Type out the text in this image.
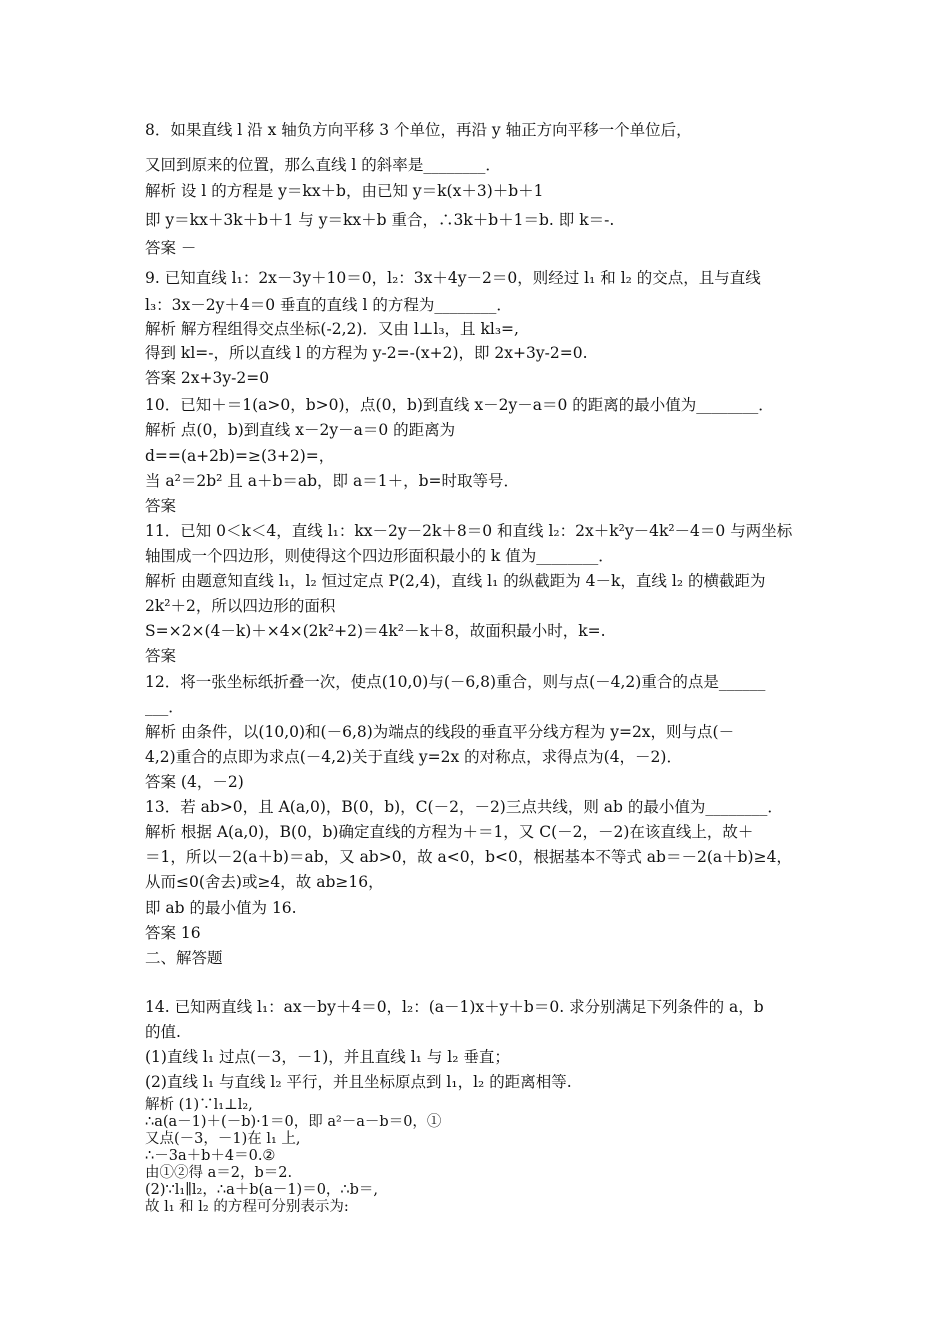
8．如果直线 l 沿 x 轴负方向平移 3 个单位，再沿 y 轴正方向平移一个单位后，
又回到原来的位置，那么直线 l 的斜率是________．
解析 设 l 的方程是 y＝kx＋b，由已知 y＝k(x＋3)＋b＋1
即 y＝kx＋3k＋b＋1 与 y＝kx＋b 重合，∴3k＋b＋1＝b. 即 k＝-.
答案 －
9. 已知直线 l₁：2x－3y＋10＝0，l₂：3x＋4y－2＝0，则经过 l₁ 和 l₂ 的交点，且与直线
l₃：3x－2y＋4＝0 垂直的直线 l 的方程为________．
解析 解方程组得交点坐标(-2,2)．又由 l⊥l₃，且 kl₃=,
得到 kl=-，所以直线 l 的方程为 y-2=-(x+2)，即 2x+3y-2=0.
答案 2x+3y-2=0
10．已知＋＝1(a>0，b>0)，点(0，b)到直线 x－2y－a＝0 的距离的最小值为________．
解析 点(0，b)到直线 x－2y－a＝0 的距离为
d==(a+2b)=≥(3+2)=，
当 a²＝2b² 且 a＋b＝ab，即 a＝1＋，b=时取等号．
答案
11．已知 0＜k＜4，直线 l₁：kx－2y－2k＋8＝0 和直线 l₂：2x＋k²y－4k²－4＝0 与两坐标
轴围成一个四边形，则使得这个四边形面积最小的 k 值为________．
解析 由题意知直线 l₁，l₂ 恒过定点 P(2,4)，直线 l₁ 的纵截距为 4－k，直线 l₂ 的横截距为
2k²＋2，所以四边形的面积
S=×2×(4－k)＋×4×(2k²+2)＝4k²－k＋8，故面积最小时，k=.
答案
12．将一张坐标纸折叠一次，使点(10,0)与(－6,8)重合，则与点(－4,2)重合的点是______
___．
解析 由条件，以(10,0)和(－6,8)为端点的线段的垂直平分线方程为 y=2x，则与点(－
4,2)重合的点即为求点(－4,2)关于直线 y=2x 的对称点，求得点为(4，－2)．
答案 (4，－2)
13．若 ab>0，且 A(a,0)，B(0，b)，C(－2，－2)三点共线，则 ab 的最小值为________．
解析 根据 A(a,0)，B(0，b)确定直线的方程为＋＝1，又 C(－2，－2)在该直线上，故＋
＝1，所以－2(a＋b)＝ab，又 ab>0，故 a<0，b<0，根据基本不等式 ab＝－2(a＋b)≥4，
从而≤0(舍去)或≥4，故 ab≥16，
即 ab 的最小值为 16.
答案 16
二、解答题
14. 已知两直线 l₁：ax－by＋4＝0，l₂：(a－1)x＋y＋b＝0. 求分别满足下列条件的 a，b
的值.
(1)直线 l₁ 过点(－3，－1)，并且直线 l₁ 与 l₂ 垂直；
(2)直线 l₁ 与直线 l₂ 平行，并且坐标原点到 l₁，l₂ 的距离相等.
解析 (1)∵l₁⊥l₂,
∴a(a－1)＋(－b)·1＝0，即 a²－a－b＝0，①
又点(－3，－1)在 l₁ 上,
∴－3a＋b＋4＝0.②
由①②得 a＝2，b＝2.
(2)∵l₁∥l₂，∴a＋b(a－1)＝0，∴b＝,
故 l₁ 和 l₂ 的方程可分别表示为:
